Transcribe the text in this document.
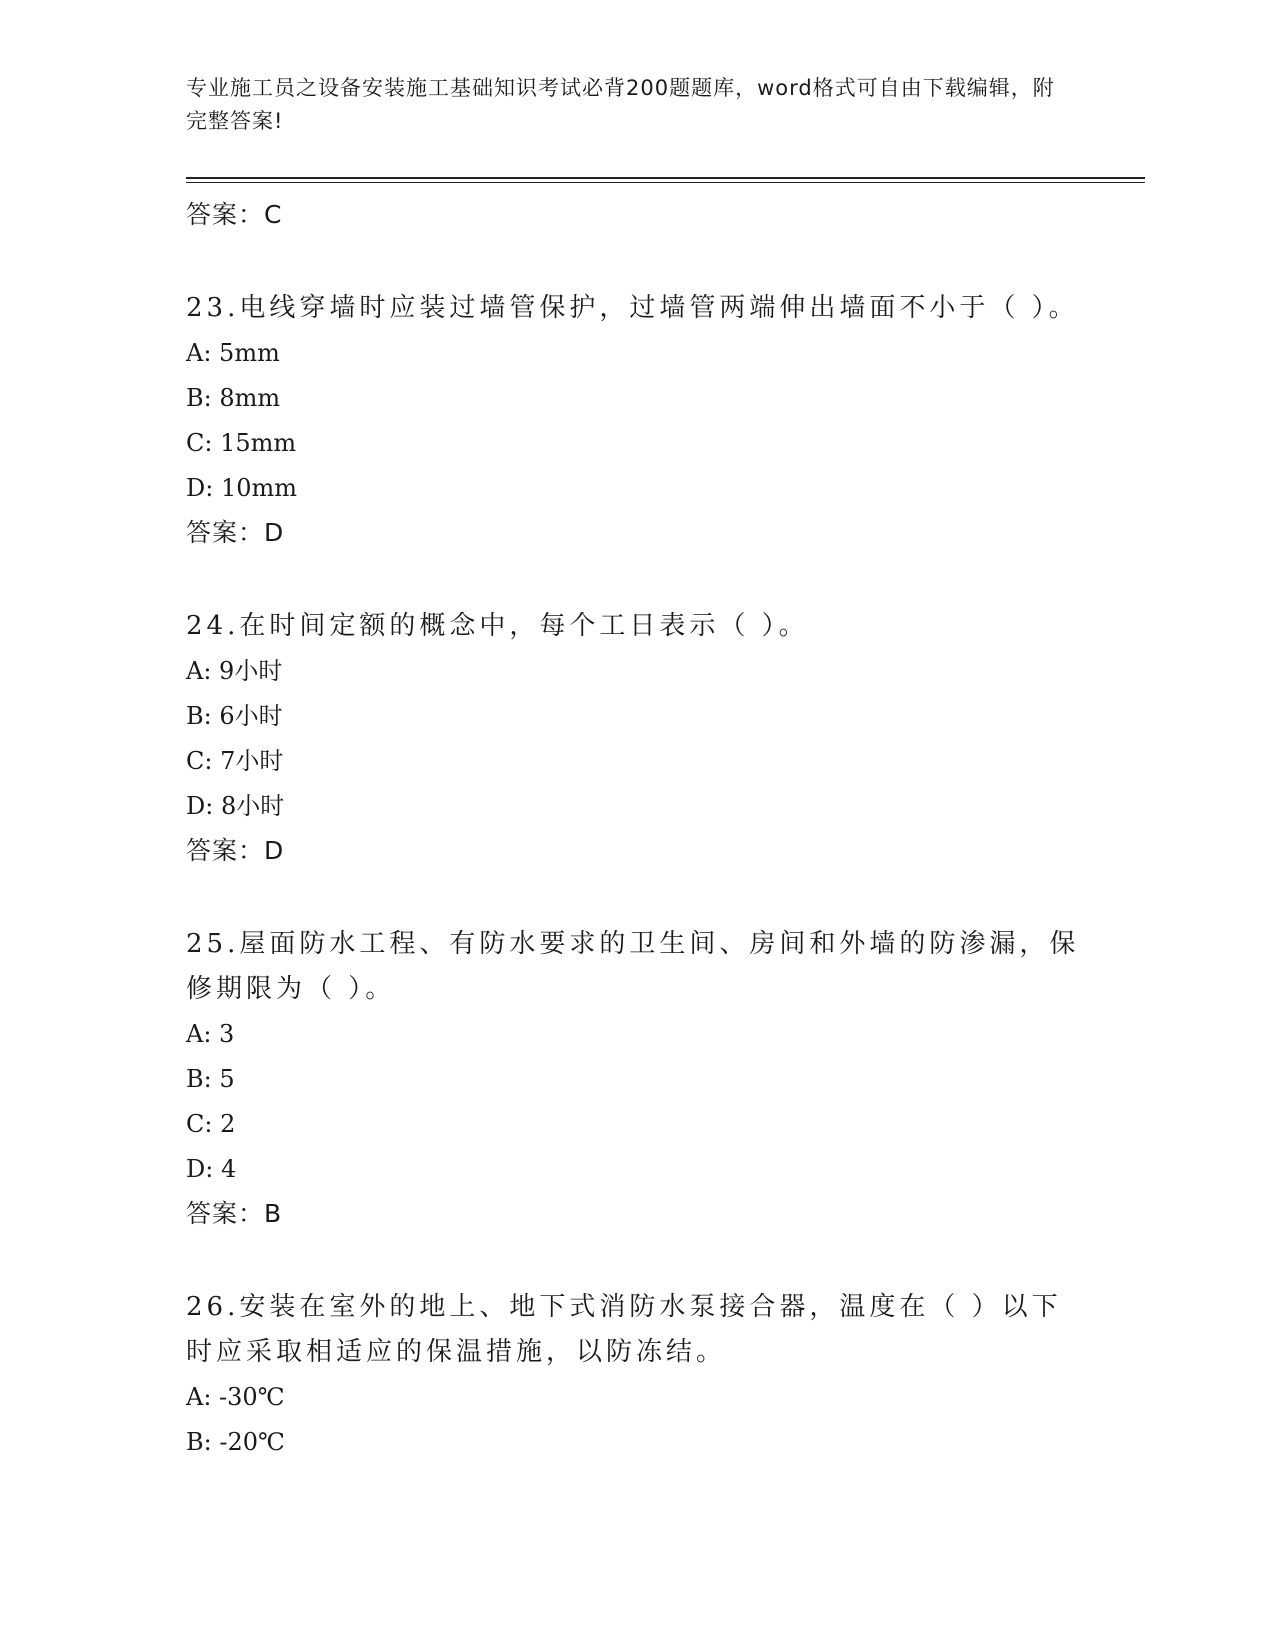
专业施工员之设备安装施工基础知识考试必背200题题库，word格式可自由下载编辑，附完整答案!
答案：C
23.电线穿墙时应装过墙管保护，过墙管两端伸出墙面不小于（ ）。
A: 5mm
B: 8mm
C: 15mm
D: 10mm
答案：D
24.在时间定额的概念中，每个工日表示（ ）。
A: 9小时
B: 6小时
C: 7小时
D: 8小时
答案：D
25.屋面防水工程、有防水要求的卫生间、房间和外墙的防渗漏，保修期限为（ ）。
A: 3
B: 5
C: 2
D: 4
答案：B
26.安装在室外的地上、地下式消防水泵接合器，温度在（ ）以下时应采取相适应的保温措施，以防冻结。
A: -30℃
B: -20℃
